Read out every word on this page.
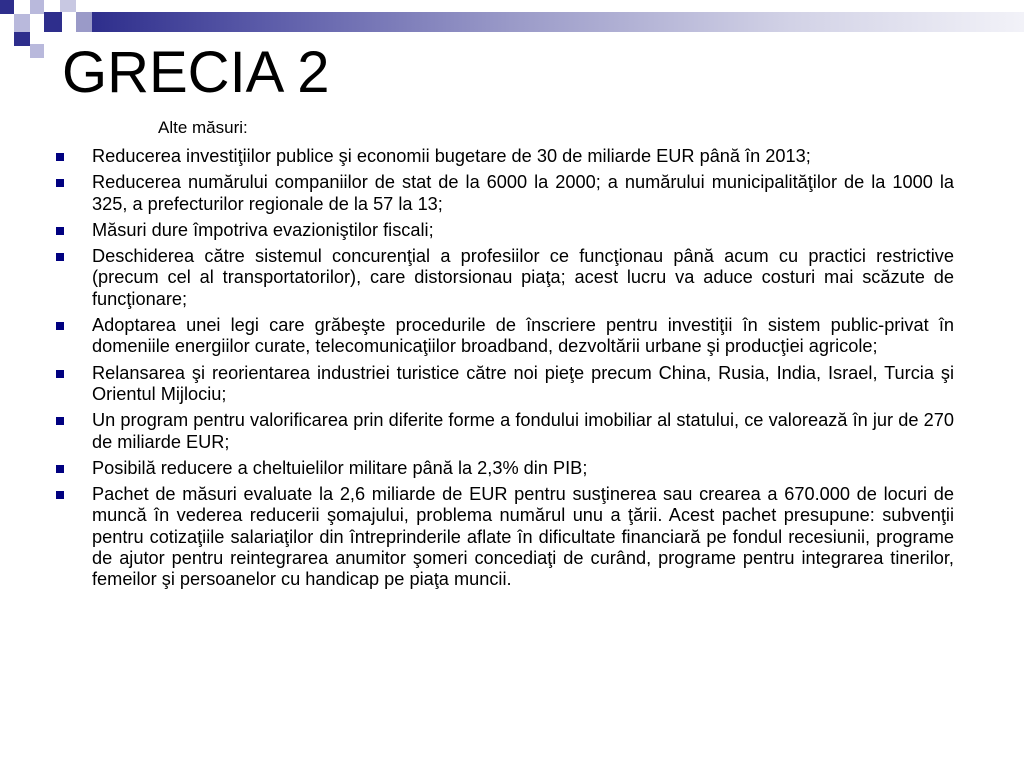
GRECIA 2
Alte măsuri:
Reducerea investiţiilor publice şi economii bugetare de 30 de miliarde EUR până în 2013;
Reducerea numărului companiilor de stat de la 6000 la 2000; a numărului municipalităţilor de la 1000 la 325, a prefecturilor regionale de la 57 la 13;
Măsuri dure împotriva evazioniştilor fiscali;
Deschiderea către sistemul concurenţial a profesiilor ce funcţionau până acum cu practici restrictive (precum cel al transportatorilor), care distorsionau piaţa; acest lucru va aduce costuri mai scăzute de funcţionare;
Adoptarea unei legi care grăbeşte procedurile de înscriere pentru investiţii în sistem public-privat în domeniile energiilor curate, telecomunicaţiilor broadband, dezvoltării urbane şi producţiei agricole;
Relansarea şi reorientarea industriei turistice către noi pieţe precum China, Rusia, India, Israel, Turcia şi Orientul Mijlociu;
Un program pentru valorificarea prin diferite forme a fondului imobiliar al statului, ce valorează în jur de 270 de miliarde EUR;
Posibilă reducere a cheltuielilor militare până la 2,3% din PIB;
Pachet de măsuri evaluate la 2,6 miliarde de EUR pentru susţinerea sau crearea a 670.000 de locuri de muncă în vederea reducerii şomajului, problema numărul unu a ţării. Acest pachet presupune: subvenţii pentru cotizaţiile salariaţilor din întreprinderile aflate în dificultate financiară pe fondul recesiunii, programe de ajutor pentru reintegrarea anumitor şomeri concediaţi de curând, programe pentru integrarea tinerilor, femeilor şi persoanelor cu handicap pe piaţa muncii.
